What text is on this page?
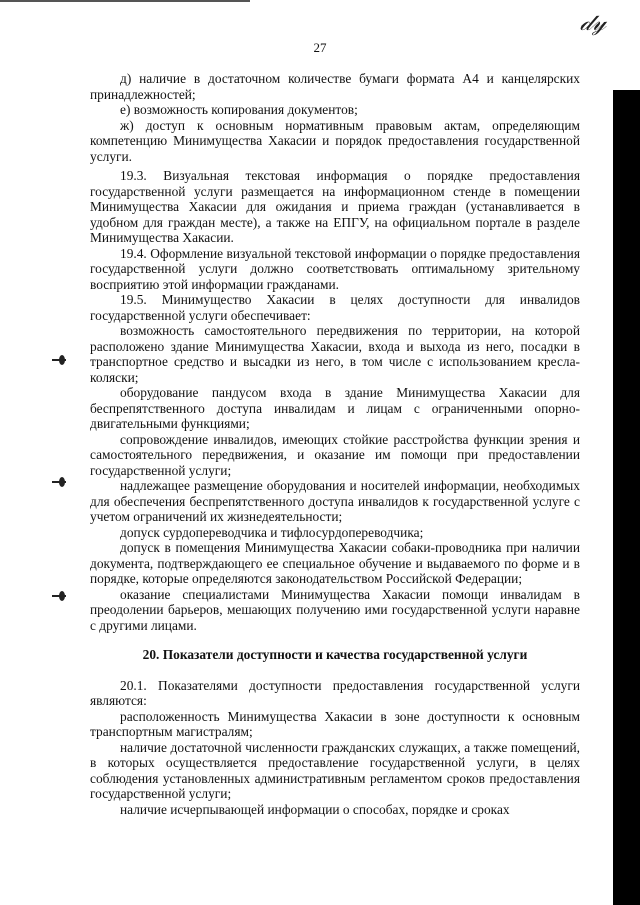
𝒹𝓎
27

д) наличие в достаточном количестве бумаги формата А4 и канцелярских принадлежностей;

е) возможность копирования документов;

ж) доступ к основным нормативным правовым актам, определяющим компетенцию Минимущества Хакасии и порядок предоставления государственной услуги.

19.3. Визуальная текстовая информация о порядке предоставления государственной услуги размещается на информационном стенде в помещении Минимущества Хакасии для ожидания и приема граждан (устанавливается в удобном для граждан месте), а также на ЕПГУ, на официальном портале в разделе Минимущества Хакасии.

19.4. Оформление визуальной текстовой информации о порядке предоставления государственной услуги должно соответствовать оптимальному зрительному восприятию этой информации гражданами.

19.5. Минимущество Хакасии в целях доступности для инвалидов государственной услуги обеспечивает:

возможность самостоятельного передвижения по территории, на которой расположено здание Минимущества Хакасии, входа и выхода из него, посадки в транспортное средство и высадки из него, в том числе с использованием кресла-коляски;

оборудование пандусом входа в здание Минимущества Хакасии для беспрепятственного доступа инвалидам и лицам с ограниченными опорно-двигательными функциями;

сопровождение инвалидов, имеющих стойкие расстройства функции зрения и самостоятельного передвижения, и оказание им помощи при предоставлении государственной услуги;

надлежащее размещение оборудования и носителей информации, необходимых для обеспечения беспрепятственного доступа инвалидов к государственной услуге с учетом ограничений их жизнедеятельности;

допуск сурдопереводчика и тифлосурдопереводчика;

допуск в помещения Минимущества Хакасии собаки-проводника при наличии документа, подтверждающего ее специальное обучение и выдаваемого по форме и в порядке, которые определяются законодательством Российской Федерации;

оказание специалистами Минимущества Хакасии помощи инвалидам в преодолении барьеров, мешающих получению ими государственной услуги наравне с другими лицами.

20. Показатели доступности и качества государственной услуги

20.1. Показателями доступности предоставления государственной услуги являются:

расположенность Минимущества Хакасии в зоне доступности к основным транспортным магистралям;

наличие достаточной численности гражданских служащих, а также помещений, в которых осуществляется предоставление государственной услуги, в целях соблюдения установленных административным регламентом сроков предоставления государственной услуги;

наличие исчерпывающей информации о способах, порядке и сроках
